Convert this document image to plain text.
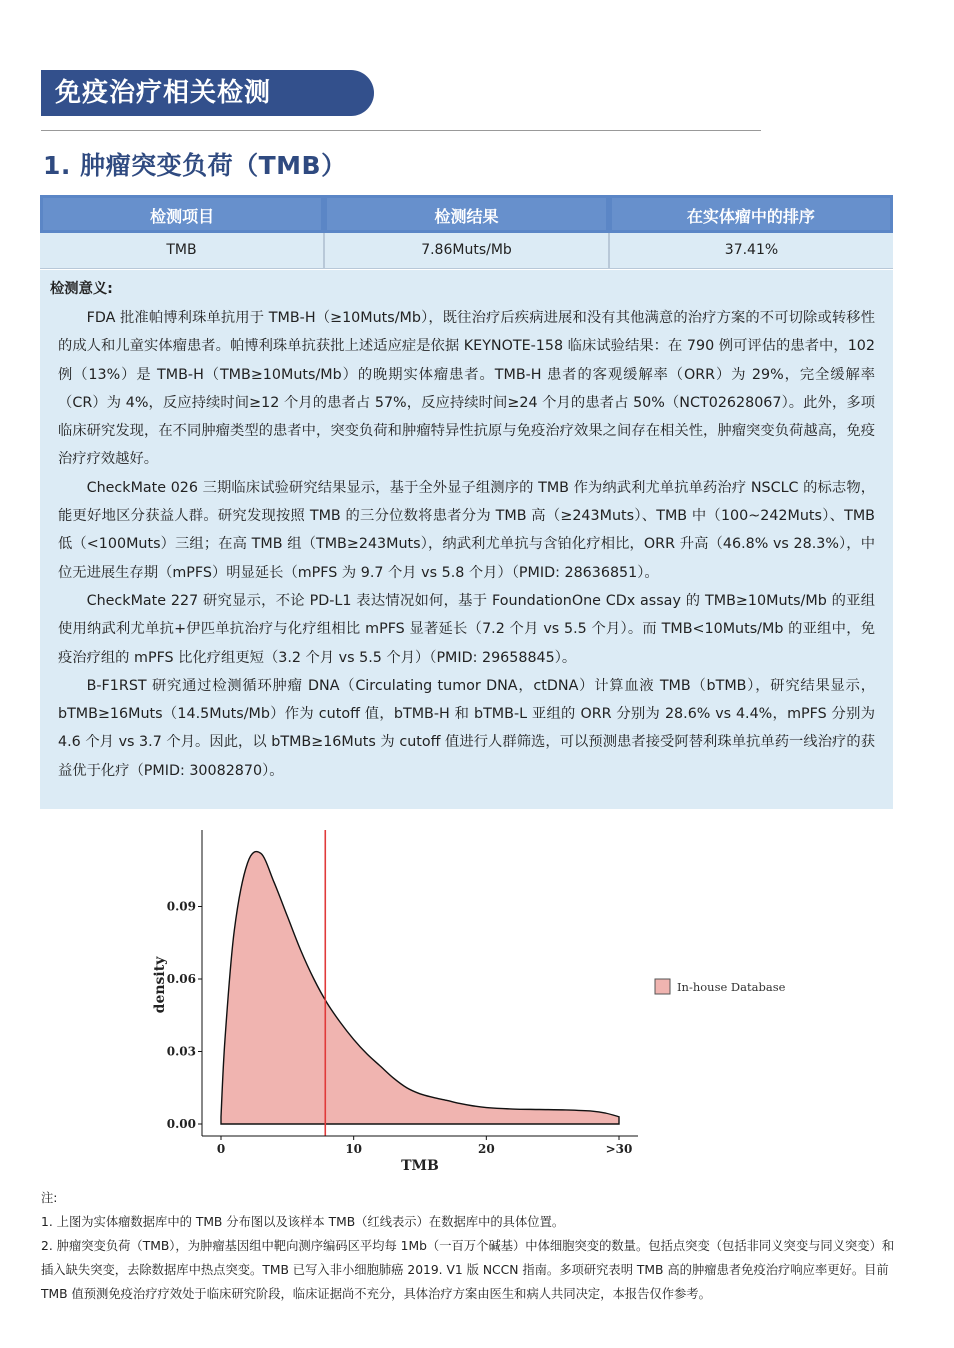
免疫治疗相关检测
1. 肿瘤突变负荷（TMB）
检测项目	检测结果	在实体瘤中的排序
TMB	7.86Muts/Mb	37.41%
检测意义:

FDA 批准帕博利珠单抗用于 TMB-H（≥10Muts/Mb），既往治疗后疾病进展和没有其他满意的治疗方案的不可切除或转移性的成人和儿童实体瘤患者。帕博利珠单抗获批上述适应症是依据 KEYNOTE-158 临床试验结果：在 790 例可评估的患者中，102 例（13%）是 TMB-H（TMB≥10Muts/Mb）的晚期实体瘤患者。TMB-H 患者的客观缓解率（ORR）为 29%，完全缓解率（CR）为 4%，反应持续时间≥12 个月的患者占 57%，反应持续时间≥24 个月的患者占 50%（NCT02628067）。此外，多项临床研究发现，在不同肿瘤类型的患者中，突变负荷和肿瘤特异性抗原与免疫治疗效果之间存在相关性，肿瘤突变负荷越高，免疫治疗疗效越好。

CheckMate 026 三期临床试验研究结果显示，基于全外显子组测序的 TMB 作为纳武利尤单抗单药治疗 NSCLC 的标志物，能更好地区分获益人群。研究发现按照 TMB 的三分位数将患者分为 TMB 高（≥243Muts）、TMB 中（100~242Muts）、TMB 低（<100Muts）三组；在高 TMB 组（TMB≥243Muts），纳武利尤单抗与含铂化疗相比，ORR 升高（46.8% vs 28.3%），中位无进展生存期（mPFS）明显延长（mPFS 为 9.7 个月 vs 5.8 个月）（PMID: 28636851）。

CheckMate 227 研究显示，不论 PD-L1 表达情况如何，基于 FoundationOne CDx assay 的 TMB≥10Muts/Mb 的亚组使用纳武利尤单抗+伊匹单抗治疗与化疗组相比 mPFS 显著延长（7.2 个月 vs 5.5 个月）。而 TMB<10Muts/Mb 的亚组中，免疫治疗组的 mPFS 比化疗组更短（3.2 个月 vs 5.5 个月）（PMID: 29658845）。

B-F1RST 研究通过检测循环肿瘤 DNA（Circulating tumor DNA，ctDNA）计算血液 TMB（bTMB），研究结果显示，bTMB≥16Muts（14.5Muts/Mb）作为 cutoff 值，bTMB-H 和 bTMB-L 亚组的 ORR 分别为 28.6% vs 4.4%，mPFS 分别为 4.6 个月 vs 3.7 个月。因此，以 bTMB≥16Muts 为 cutoff 值进行人群筛选，可以预测患者接受阿替利珠单抗单药一线治疗的获益优于化疗（PMID: 30082870）。

0.00
0.03
0.06
0.09
0	10	20	>30
density
TMB
In-house Database
注:
1. 上图为实体瘤数据库中的 TMB 分布图以及该样本 TMB（红线表示）在数据库中的具体位置。
2. 肿瘤突变负荷（TMB），为肿瘤基因组中靶向测序编码区平均每 1Mb（一百万个碱基）中体细胞突变的数量。包括点突变（包括非同义突变与同义突变）和插入缺失突变，去除数据库中热点突变。TMB 已写入非小细胞肺癌 2019. V1 版 NCCN 指南。多项研究表明 TMB 高的肿瘤患者免疫治疗响应率更好。目前 TMB 值预测免疫治疗疗效处于临床研究阶段，临床证据尚不充分，具体治疗方案由医生和病人共同决定，本报告仅作参考。
